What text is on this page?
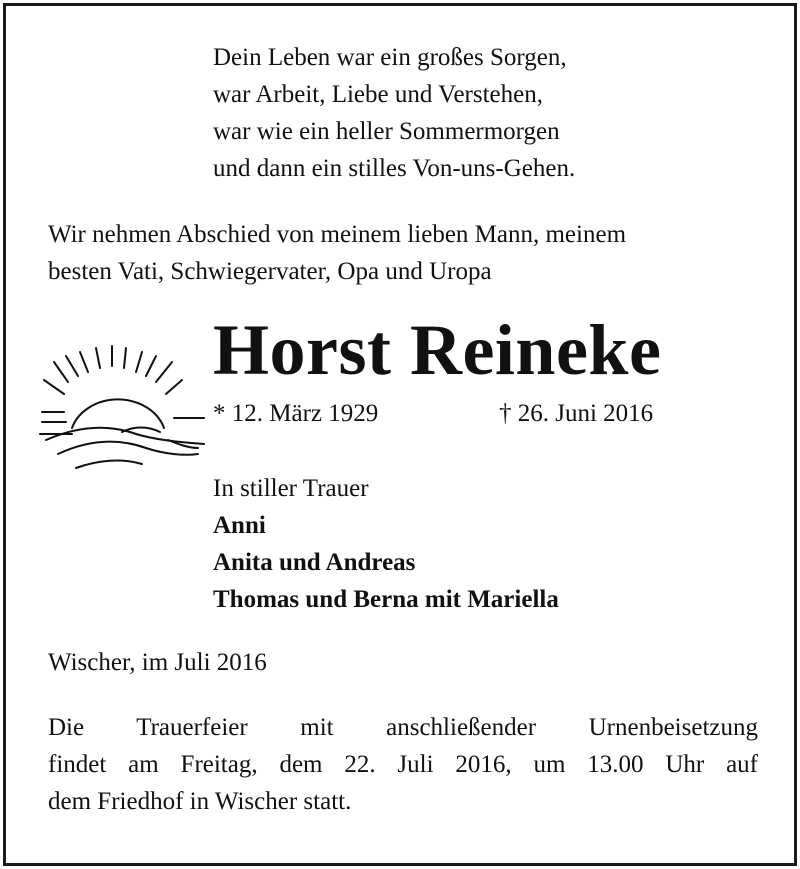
Dein Leben war ein großes Sorgen,
war Arbeit, Liebe und Verstehen,
war wie ein heller Sommermorgen
und dann ein stilles Von-uns-Gehen.
Wir nehmen Abschied von meinem lieben Mann, meinem
besten Vati, Schwiegervater, Opa und Uropa
Horst Reineke
* 12. März 1929	† 26. Juni 2016
In stiller Trauer
Anni
Anita und Andreas
Thomas und Berna mit Mariella
Wischer, im Juli 2016
Die Trauerfeier mit anschließender Urnenbeisetzung
findet am Freitag, dem 22. Juli 2016, um 13.00 Uhr auf
dem Friedhof in Wischer statt.
